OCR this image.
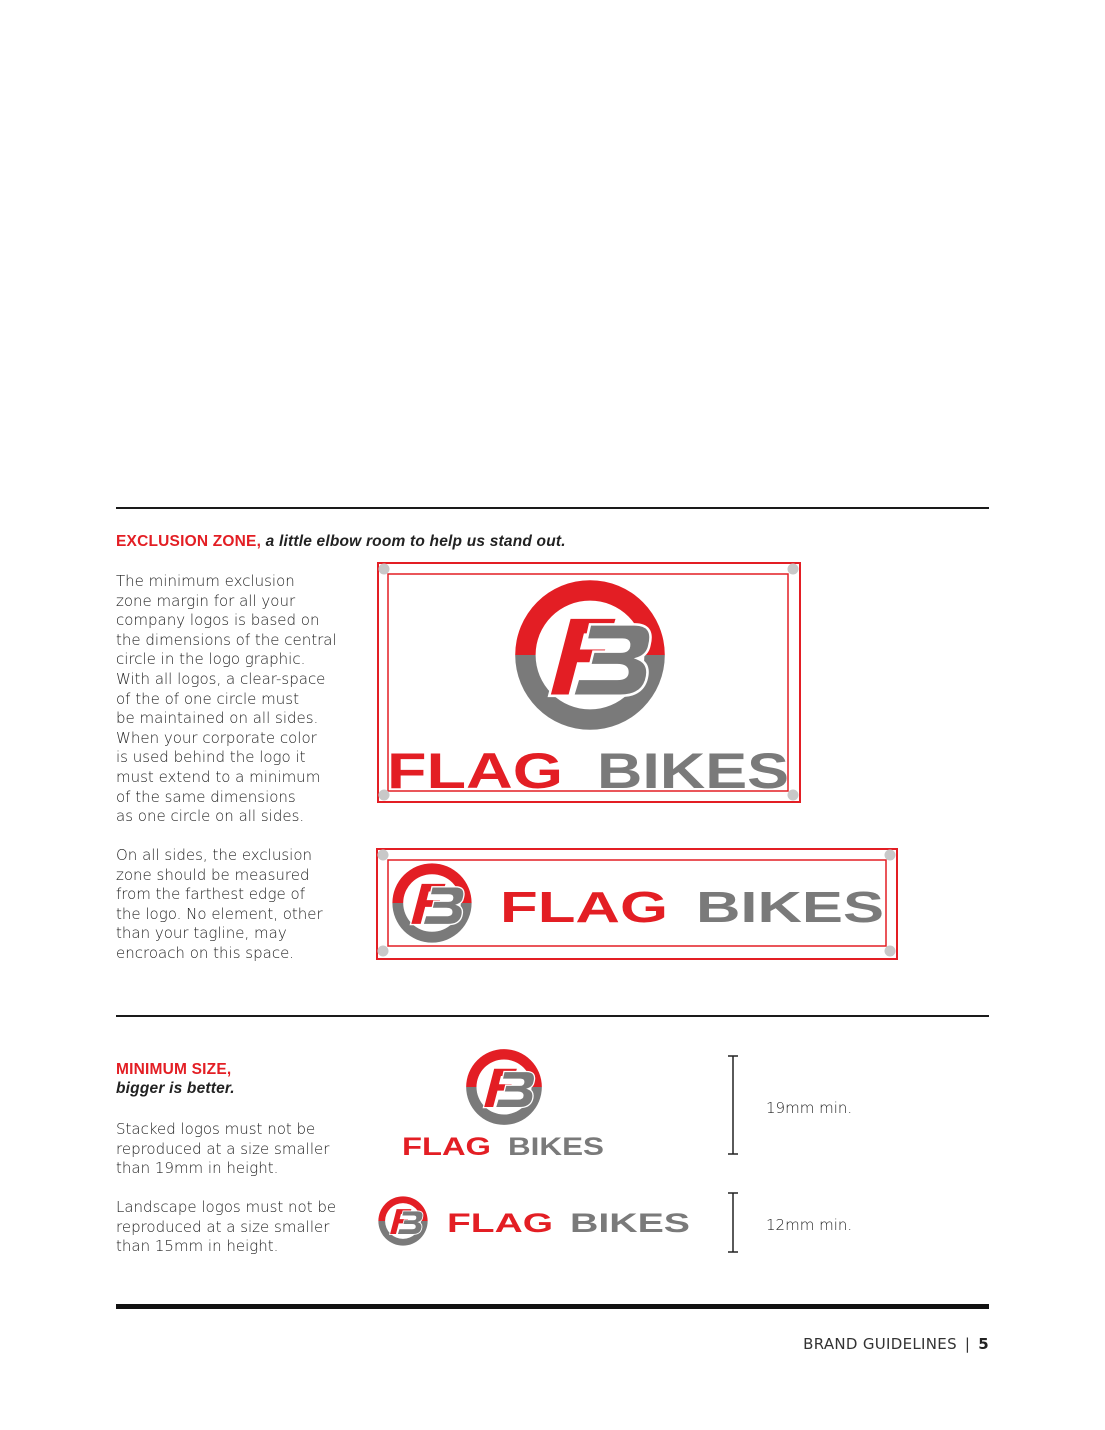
EXCLUSION ZONE, a little elbow room to help us stand out.
The minimum exclusion
zone margin for all your
company logos is based on
the dimensions of the central
circle in the logo graphic.
With all logos, a clear-space
of the of one circle must
be maintained on all sides.
When your corporate color
is used behind the logo it
must extend to a minimum
of the same dimensions
as one circle on all sides.
On all sides, the exclusion
zone should be measured
from the farthest edge of
the logo. No element, other
than your tagline, may
encroach on this space.
FLAG BIKES
FLAG BIKES
MINIMUM SIZE,
bigger is better.
Stacked logos must not be
reproduced at a size smaller
than 19mm in height.
Landscape logos must not be
reproduced at a size smaller
than 15mm in height.
FLAG BIKES
FLAG BIKES
19mm min.
12mm min.
BRAND GUIDELINES | 5
